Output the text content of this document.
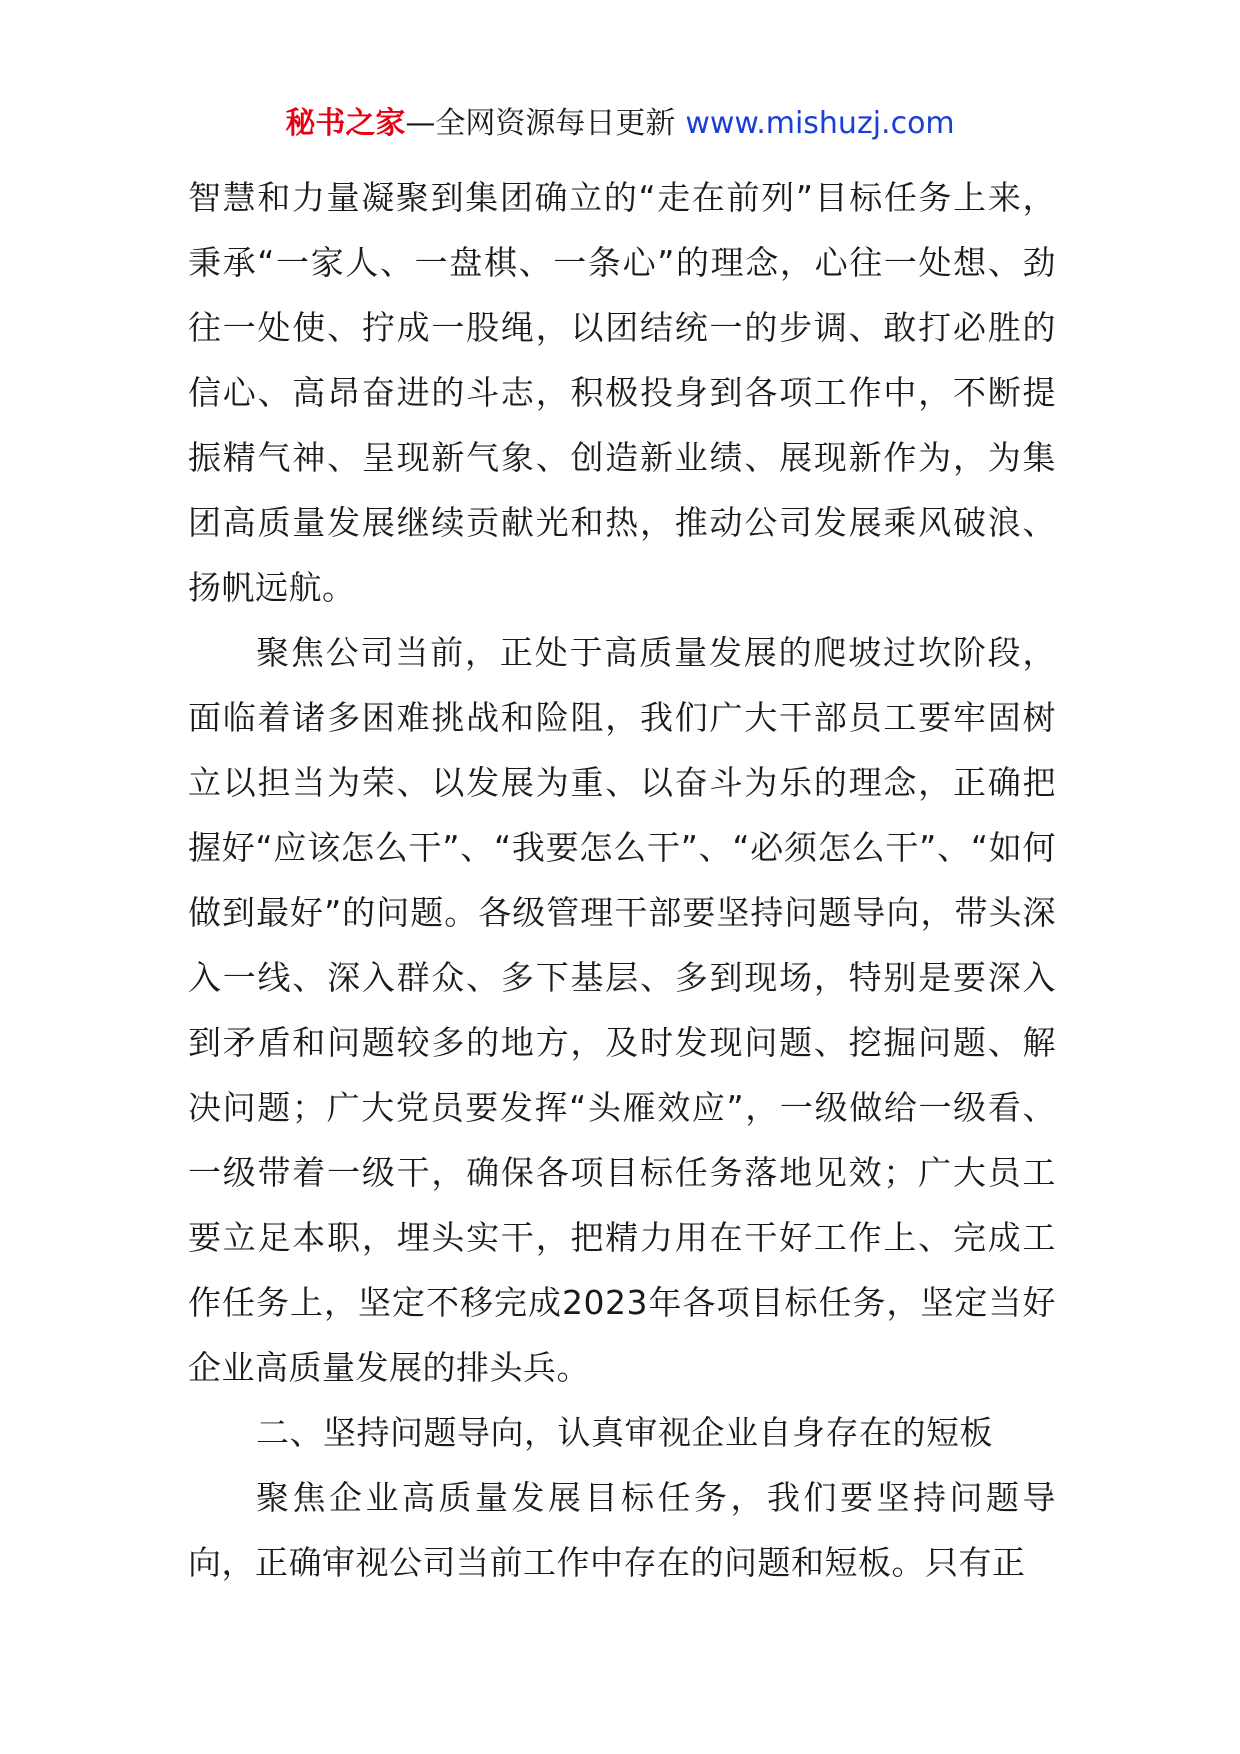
秘书之家—全网资源每日更新 www.mishuzj.com

智慧和力量凝聚到集团确立的“走在前列”目标任务上来，秉承“一家人、一盘棋、一条心”的理念，心往一处想、劲往一处使、拧成一股绳，以团结统一的步调、敢打必胜的信心、高昂奋进的斗志，积极投身到各项工作中，不断提振精气神、呈现新气象、创造新业绩、展现新作为，为集团高质量发展继续贡献光和热，推动公司发展乘风破浪、扬帆远航。

聚焦公司当前，正处于高质量发展的爬坡过坎阶段，面临着诸多困难挑战和险阻，我们广大干部员工要牢固树立以担当为荣、以发展为重、以奋斗为乐的理念，正确把握好“应该怎么干”、“我要怎么干”、“必须怎么干”、“如何做到最好”的问题。各级管理干部要坚持问题导向，带头深入一线、深入群众、多下基层、多到现场，特别是要深入到矛盾和问题较多的地方，及时发现问题、挖掘问题、解决问题；广大党员要发挥“头雁效应”，一级做给一级看、一级带着一级干，确保各项目标任务落地见效；广大员工要立足本职，埋头实干，把精力用在干好工作上、完成工作任务上，坚定不移完成2023年各项目标任务，坚定当好企业高质量发展的排头兵。

二、坚持问题导向，认真审视企业自身存在的短板

聚焦企业高质量发展目标任务，我们要坚持问题导向，正确审视公司当前工作中存在的问题和短板。只有正
